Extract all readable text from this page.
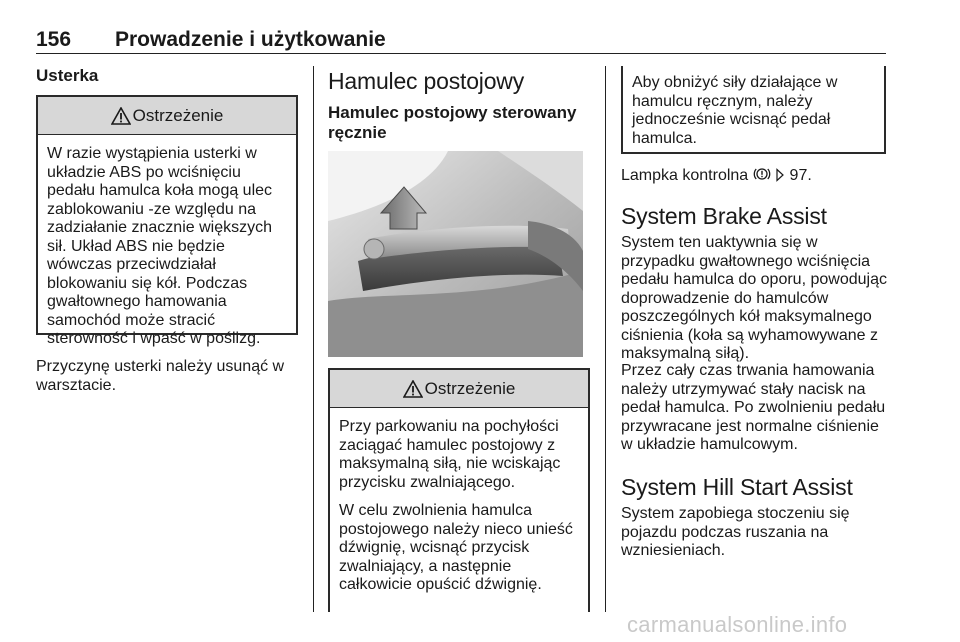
156 Prowadzenie i użytkowanie
Usterka
Ostrzeżenie

W razie wystąpienia usterki w układzie ABS po wciśnięciu pedału hamulca koła mogą ulec zablokowaniu -ze względu na zadziałanie znacznie większych sił. Układ ABS nie będzie wówczas przeciwdziałał blokowaniu się kół. Podczas gwałtownego hamowania samochód może stracić sterowność i wpaść w poślizg.

Przyczynę usterki należy usunąć w warsztacie.

Hamulec postojowy
Hamulec postojowy sterowany ręcznie
Ostrzeżenie

Przy parkowaniu na pochyłości zaciągać hamulec postojowy z maksymalną siłą, nie wciskając przycisku zwalniającego.

W celu zwolnienia hamulca postojowego należy nieco unieść dźwignię, wcisnąć przycisk zwalniający, a następnie całkowicie opuścić dźwignię.

Aby obniżyć siły działające w hamulcu ręcznym, należy jednocześnie wcisnąć pedał hamulca.
Lampka kontrolna	97.
System Brake Assist

System ten uaktywnia się w przypadku gwałtownego wciśnięcia pedału hamulca do oporu, powodując doprowadzenie do hamulców poszczególnych kół maksymalnego ciśnienia (koła są wyhamowywane z maksymalną siłą).

Przez cały czas trwania hamowania należy utrzymywać stały nacisk na pedał hamulca. Po zwolnieniu pedału przywracane jest normalne ciśnienie w układzie hamulcowym.

System Hill Start Assist

System zapobiega stoczeniu się pojazdu podczas ruszania na wzniesieniach.

carmanualsonline.info
